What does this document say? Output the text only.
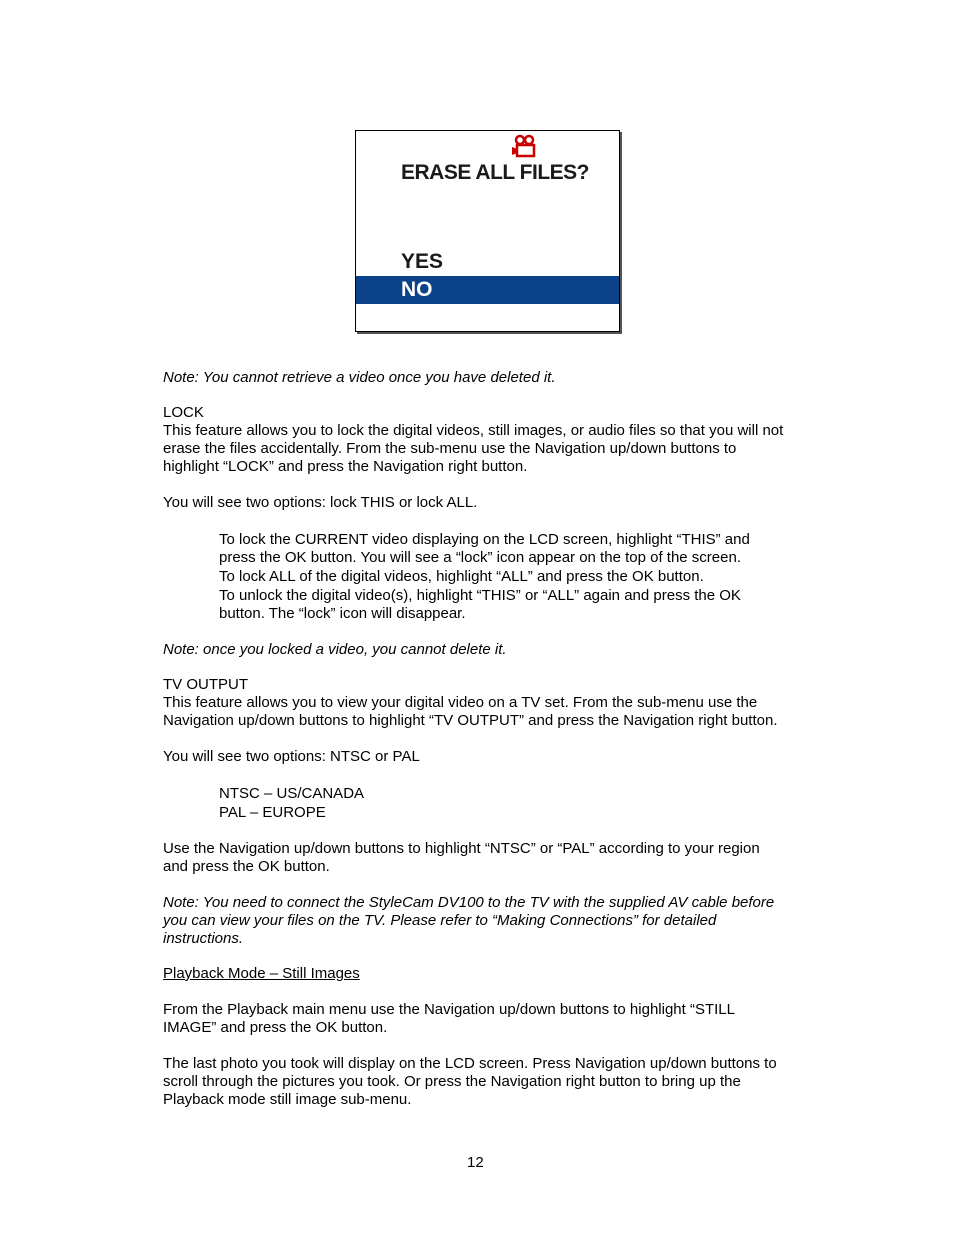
ERASE ALL FILES?
YES
NO
Note: You cannot retrieve a video once you have deleted it.
LOCK
This feature allows you to lock the digital videos, still images, or audio files so that you will not
erase the files accidentally. From the sub-menu use the Navigation up/down buttons to
highlight “LOCK” and press the Navigation right button.
You will see two options: lock THIS or lock ALL.
To lock the CURRENT video displaying on the LCD screen, highlight “THIS” and
press the OK button. You will see a “lock” icon appear on the top of the screen.
To lock ALL of the digital videos, highlight “ALL” and press the OK button.
To unlock the digital video(s), highlight “THIS” or “ALL” again and press the OK
button. The “lock” icon will disappear.
Note: once you locked a video, you cannot delete it.
TV OUTPUT
This feature allows you to view your digital video on a TV set. From the sub-menu use the
Navigation up/down buttons to highlight “TV OUTPUT” and press the Navigation right button.
You will see two options: NTSC or PAL
NTSC – US/CANADA
PAL – EUROPE
Use the Navigation up/down buttons to highlight “NTSC” or “PAL” according to your region
and press the OK button.
Note: You need to connect the StyleCam DV100 to the TV with the supplied AV cable before
you can view your files on the TV. Please refer to “Making Connections” for detailed
instructions.
Playback Mode – Still Images
From the Playback main menu use the Navigation up/down buttons to highlight “STILL
IMAGE” and press the OK button.
The last photo you took will display on the LCD screen. Press Navigation up/down buttons to
scroll through the pictures you took. Or press the Navigation right button to bring up the
Playback mode still image sub-menu.
12
